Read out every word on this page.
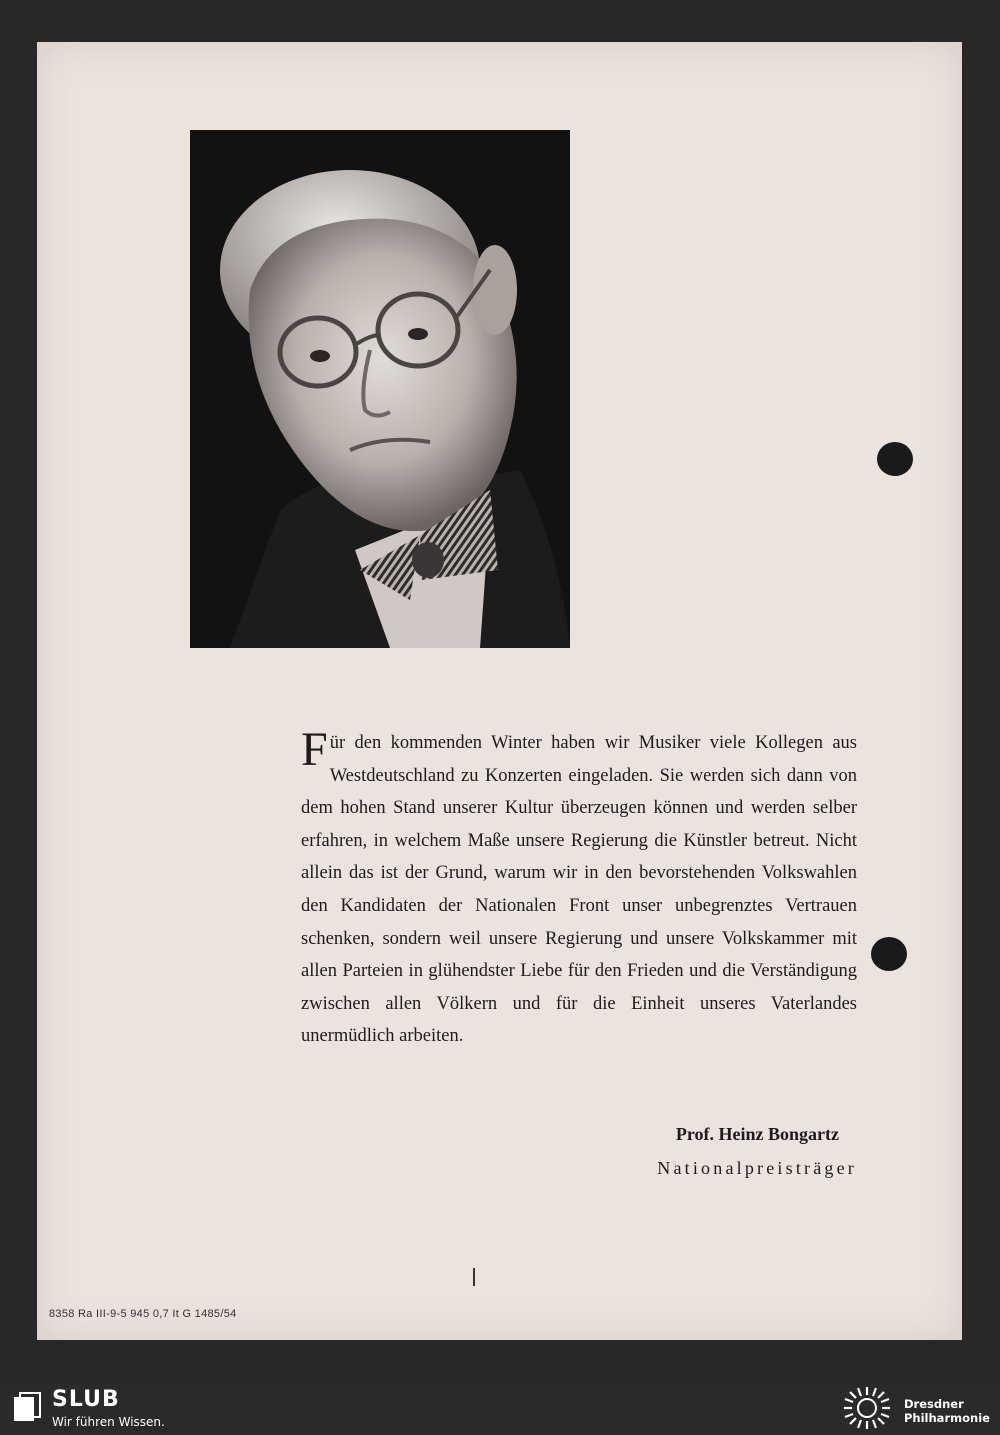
Für den kommenden Winter haben wir Musiker viele Kollegen aus Westdeutschland zu Konzerten eingeladen. Sie werden sich dann von dem hohen Stand unserer Kultur überzeugen können und werden selber erfahren, in welchem Maße unsere Regierung die Künstler betreut. Nicht allein das ist der Grund, warum wir in den bevorstehenden Volkswahlen den Kandidaten der Nationalen Front unser unbegrenztes Vertrauen schenken, sondern weil unsere Regierung und unsere Volkskammer mit allen Parteien in glühendster Liebe für den Frieden und die Verständigung zwischen allen Völkern und für die Einheit unseres Vaterlandes unermüdlich arbeiten.
Prof. Heinz Bongartz
Nationalpreisträger
8358 Ra III-9-5 945 0,7 It G 1485/54
SLUB
Wir führen Wissen.
Dresdner
Philharmonie
